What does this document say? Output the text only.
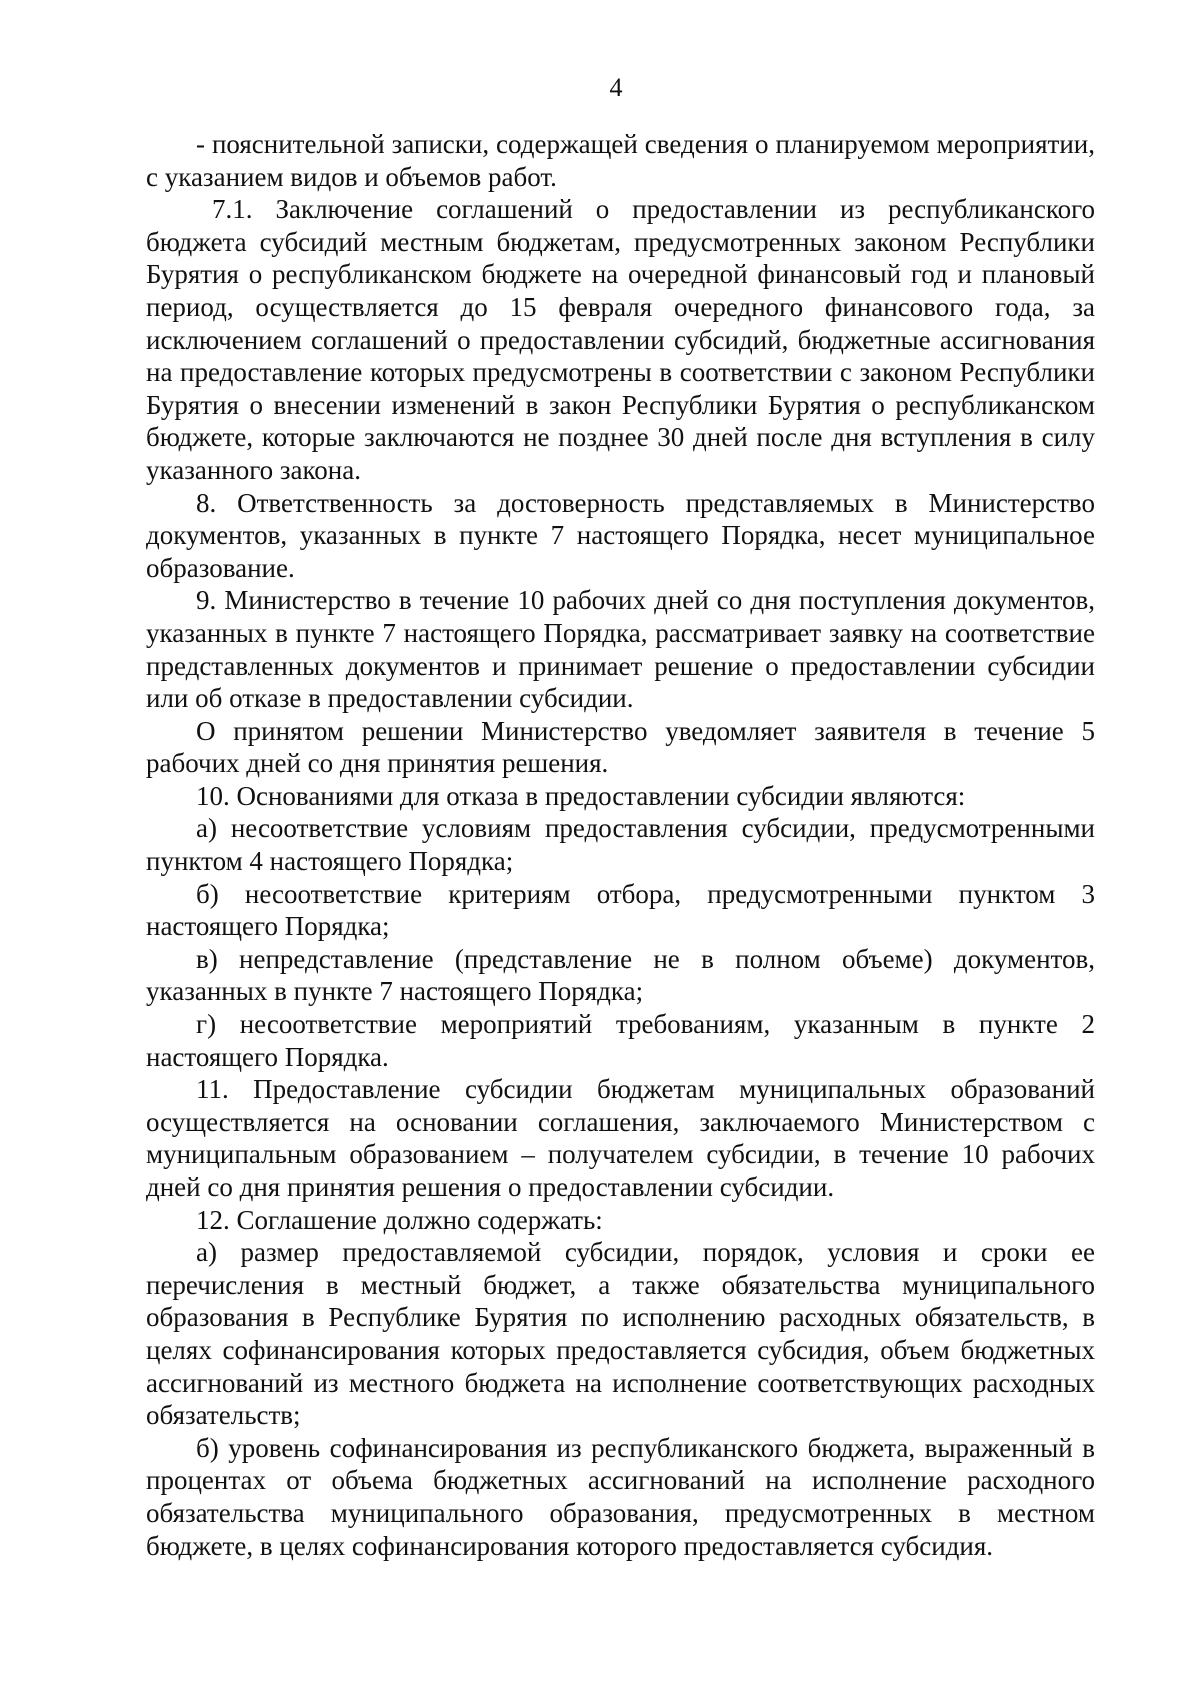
4

- пояснительной записки, содержащей сведения о планируемом мероприятии, с указанием видов и объемов работ.

7.1. Заключение соглашений о предоставлении из республиканского бюджета субсидий местным бюджетам, предусмотренных законом Республики Бурятия о республиканском бюджете на очередной финансовый год и плановый период, осуществляется до 15 февраля очередного финансового года, за исключением соглашений о предоставлении субсидий, бюджетные ассигнования на предоставление которых предусмотрены в соответствии с законом Республики Бурятия о внесении изменений в закон Республики Бурятия о республиканском бюджете, которые заключаются не позднее 30 дней после дня вступления в силу указанного закона.

8. Ответственность за достоверность представляемых в Министерство документов, указанных в пункте 7 настоящего Порядка, несет муниципальное образование.

9. Министерство в течение 10 рабочих дней со дня поступления документов, указанных в пункте 7 настоящего Порядка, рассматривает заявку на соответствие представленных документов и принимает решение о предоставлении субсидии или об отказе в предоставлении субсидии.

О принятом решении Министерство уведомляет заявителя в течение 5 рабочих дней со дня принятия решения.

10. Основаниями для отказа в предоставлении субсидии являются:

а) несоответствие условиям предоставления субсидии, предусмотренными пунктом 4 настоящего Порядка;

б) несоответствие критериям отбора, предусмотренными пунктом 3 настоящего Порядка;

в) непредставление (представление не в полном объеме) документов, указанных в пункте 7 настоящего Порядка;

г) несоответствие мероприятий требованиям, указанным в пункте 2 настоящего Порядка.

11. Предоставление субсидии бюджетам муниципальных образований осуществляется на основании соглашения, заключаемого Министерством с муниципальным образованием – получателем субсидии, в течение 10 рабочих дней со дня принятия решения о предоставлении субсидии.

12. Соглашение должно содержать:

а) размер предоставляемой субсидии, порядок, условия и сроки ее перечисления в местный бюджет, а также обязательства муниципального образования в Республике Бурятия по исполнению расходных обязательств, в целях софинансирования которых предоставляется субсидия, объем бюджетных ассигнований из местного бюджета на исполнение соответствующих расходных обязательств;

б) уровень софинансирования из республиканского бюджета, выраженный в процентах от объема бюджетных ассигнований на исполнение расходного обязательства муниципального образования, предусмотренных в местном бюджете, в целях софинансирования которого предоставляется субсидия.
